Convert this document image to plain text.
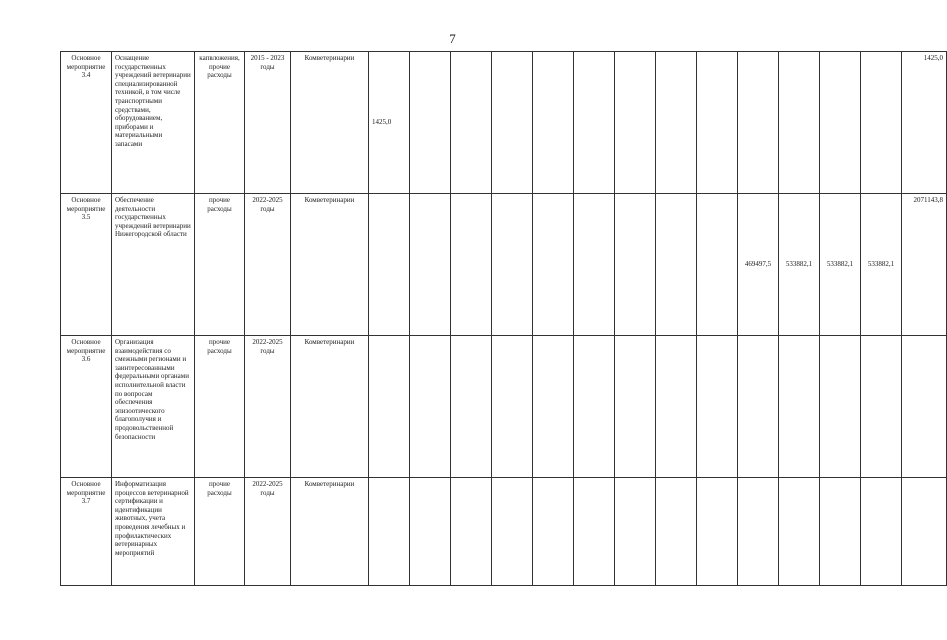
7
Основное мероприятие 3.4	Оснащение государственных учреждений ветеринарии специализированной техникой, в том числе транспортными средствами, оборудованием, приборами и материальными запасами	капвложения, прочие расходы	2015 - 2023 годы	Комветеринарии	1425,0													1425,0
Основное мероприятие 3.5	Обеспечение деятельности государственных учреждений ветеринарии Нижегородской области	прочие расходы	2022-2025 годы	Комветеринарии										469497,5	533882,1	533882,1	533882,1	2071143,8
Основное мероприятие 3.6	Организация взаимодействия со смежными регионами и заинтересованными федеральными органами исполнительной власти по вопросам обеспечения эпизоотического благополучия и продовольственной безопасности	прочие расходы	2022-2025 годы	Комветеринарии														
Основное мероприятие 3.7	Информатизация процессов ветеринарной сертификации и идентификации животных, учета проведения лечебных и профилактических ветеринарных мероприятий	прочие расходы	2022-2025 годы	Комветеринарии														
